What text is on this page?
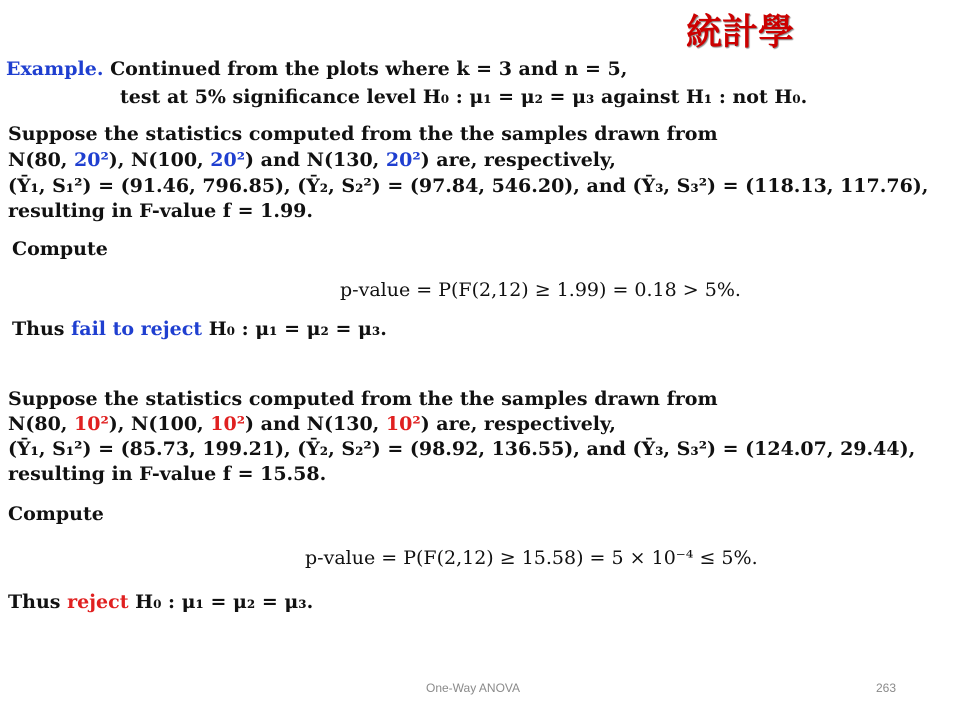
統計學
Example. Continued from the plots where k = 3 and n = 5,
test at 5% significance level H₀ : μ₁ = μ₂ = μ₃ against H₁ : not H₀.
Suppose the statistics computed from the the samples drawn from
N(80, 20²), N(100, 20²) and N(130, 20²) are, respectively,
(Ȳ₁, S₁²) = (91.46, 796.85), (Ȳ₂, S₂²) = (97.84, 546.20), and (Ȳ₃, S₃²) = (118.13, 117.76),
resulting in F-value f = 1.99.
Compute
p-value = P(F(2,12) ≥ 1.99) = 0.18 > 5%.
Thus fail to reject H₀ : μ₁ = μ₂ = μ₃.
Suppose the statistics computed from the the samples drawn from
N(80, 10²), N(100, 10²) and N(130, 10²) are, respectively,
(Ȳ₁, S₁²) = (85.73, 199.21), (Ȳ₂, S₂²) = (98.92, 136.55), and (Ȳ₃, S₃²) = (124.07, 29.44),
resulting in F-value f = 15.58.
Compute
p-value = P(F(2,12) ≥ 15.58) = 5 × 10⁻⁴ ≤ 5%.
Thus reject H₀ : μ₁ = μ₂ = μ₃.
One-Way ANOVA	263
